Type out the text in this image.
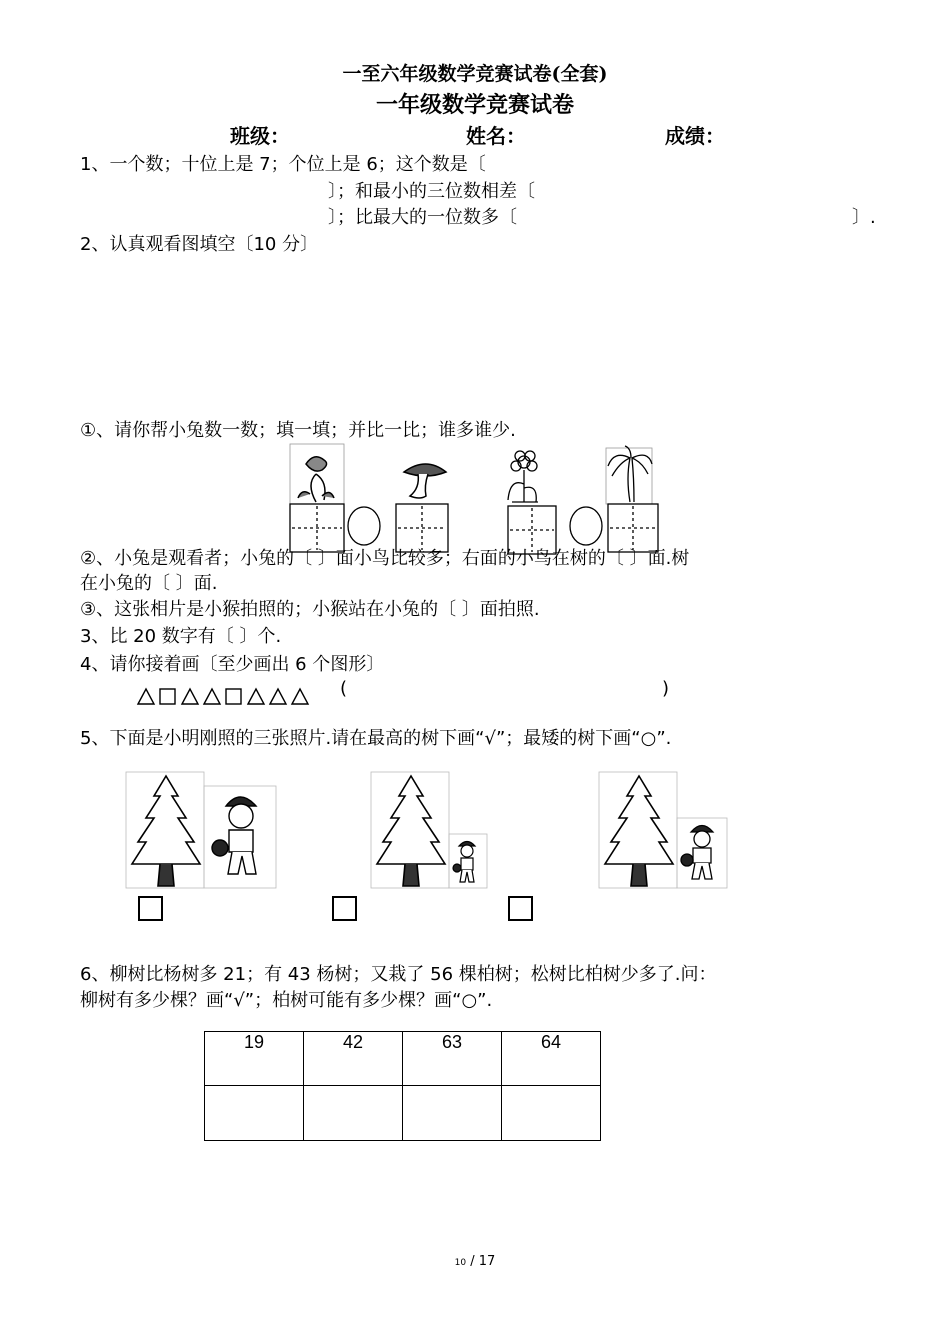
一至六年级数学竞赛试卷(全套)
一年级数学竞赛试卷
班级：	姓名：	成绩：
1、一个数；十位上是 7；个位上是 6；这个数是〔
〕；和最小的三位数相差〔
〕；比最大的一位数多〔	〕.
2、认真观看图填空〔10 分〕
①、请你帮小兔数一数；填一填；并比一比；谁多谁少.
②、小兔是观看者；小兔的〔 〕面小鸟比较多；右面的小鸟在树的〔 〕面.树
在小兔的〔 〕面.
③、这张相片是小猴拍照的；小猴站在小兔的〔 〕面拍照.
3、比 20 数字有〔 〕个.
4、请你接着画〔至少画出 6 个图形〕
(	)
5、下面是小明刚照的三张照片.请在最高的树下画“√”；最矮的树下画“○”.
6、柳树比杨树多 21；有 43 杨树；又栽了 56 棵柏树；松树比柏树少多了.问：
柳树有多少棵？画“√”；柏树可能有多少棵？画“○”.
19	42	63	64

10 / 17
